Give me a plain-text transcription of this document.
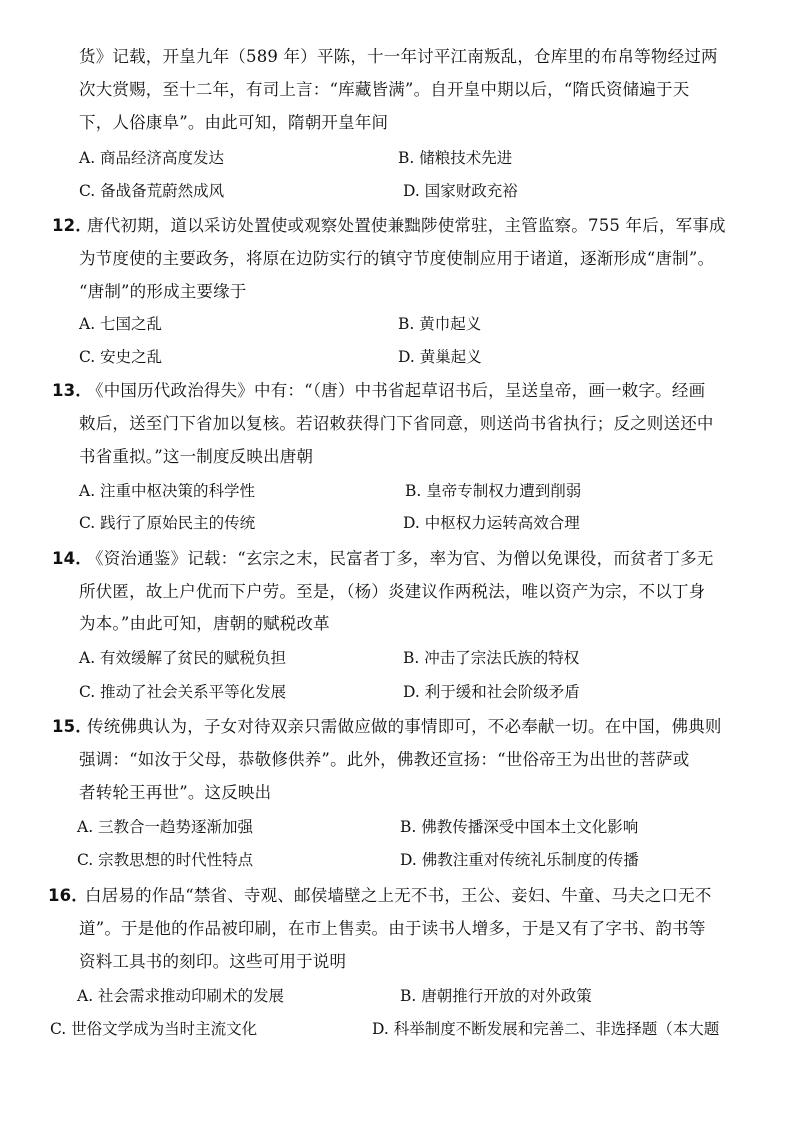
货》记载，开皇九年（589 年）平陈，十一年讨平江南叛乱，仓库里的布帛等物经过两
次大赏赐，至十二年，有司上言：“库藏皆满”。自开皇中期以后，“隋氏资储遍于天
下，人俗康阜”。由此可知，隋朝开皇年间
A. 商品经济高度发达	B. 储粮技术先进
C. 备战备荒蔚然成风	D. 国家财政充裕
12．
唐代初期，道以采访处置使或观察处置使兼黜陟使常驻，主管监察。755 年后，军事成
为节度使的主要政务，将原在边防实行的镇守节度使制应用于诸道，逐渐形成“唐制”。
“唐制”的形成主要缘于
A. 七国之乱	B. 黄巾起义
C. 安史之乱	D. 黄巢起义
13．
《中国历代政治得失》中有：“（唐）中书省起草诏书后，呈送皇帝，画一敕字。经画
敕后，送至门下省加以复核。若诏敕获得门下省同意，则送尚书省执行；反之则送还中
书省重拟。”这一制度反映出唐朝
A. 注重中枢决策的科学性	B. 皇帝专制权力遭到削弱
C. 践行了原始民主的传统	D. 中枢权力运转高效合理
14．
《资治通鉴》记载：“玄宗之末，民富者丁多，率为官、为僧以免课役，而贫者丁多无
所伏匿，故上户优而下户劳。至是，（杨）炎建议作两税法，唯以资产为宗，不以丁身
为本。”由此可知，唐朝的赋税改革
A. 有效缓解了贫民的赋税负担	B. 冲击了宗法氏族的特权
C. 推动了社会关系平等化发展	D. 利于缓和社会阶级矛盾
15．
传统佛典认为，子女对待双亲只需做应做的事情即可，不必奉献一切。在中国，佛典则
强调：“如汝于父母，恭敬修供养”。此外，佛教还宣扬：“世俗帝王为出世的菩萨或
者转轮王再世”。这反映出
A. 三教合一趋势逐渐加强	B. 佛教传播深受中国本土文化影响
C. 宗教思想的时代性特点	D. 佛教注重对传统礼乐制度的传播
16．
白居易的作品“禁省、寺观、邮侯墙壁之上无不书，王公、妾妇、牛童、马夫之口无不
道”。于是他的作品被印刷，在市上售卖。由于读书人增多，于是又有了字书、韵书等
资料工具书的刻印。这些可用于说明
A. 社会需求推动印刷术的发展	B. 唐朝推行开放的对外政策
C. 世俗文学成为当时主流文化	D. 科举制度不断发展和完善二、非选择题（本大题
